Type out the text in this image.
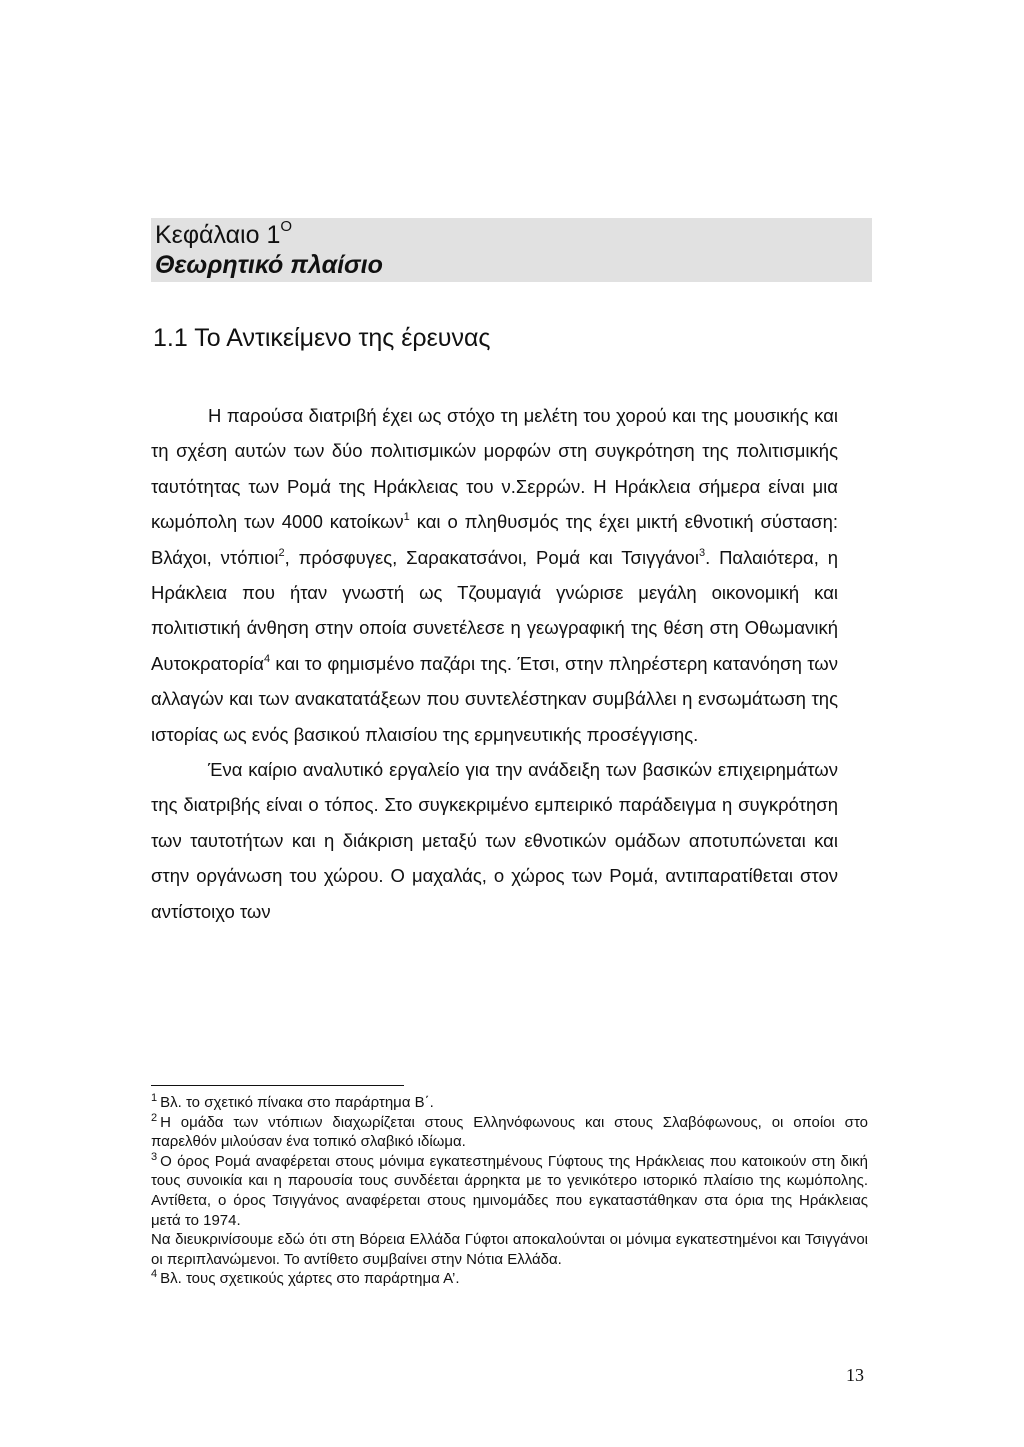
Κεφάλαιο $1^O$
Θεωρητικό πλαίσιο
1.1 Το Αντικείμενο της έρευνας

Η παρούσα διατριβή έχει ως στόχο τη μελέτη του χορού και της μουσικής και τη σχέση αυτών των δύο πολιτισμικών μορφών στη συγκρότηση της πολιτισμικής ταυτότητας των Ρομά της Ηράκλειας του ν.Σερρών. Η Ηράκλεια σήμερα είναι μια κωμόπολη των 4000 κατοίκων$^1$ και ο πληθυσμός της έχει μικτή εθνοτική σύσταση: Βλάχοι, ντόπιοι$^2$, πρόσφυγες, Σαρακατσάνοι, Ρομά και Τσιγγάνοι$^3$. Παλαιότερα, η Ηράκλεια που ήταν γνωστή ως Τζουμαγιά γνώρισε μεγάλη οικονομική και πολιτιστική άνθηση στην οποία συνετέλεσε η γεωγραφική της θέση στη Οθωμανική Αυτοκρατορία$^4$ και το φημισμένο παζάρι της. Έτσι, στην πληρέστερη κατανόηση των αλλαγών και των ανακατατάξεων που συντελέστηκαν συμβάλλει η ενσωμάτωση της ιστορίας ως ενός βασικού πλαισίου της ερμηνευτικής προσέγγισης.

Ένα καίριο αναλυτικό εργαλείο για την ανάδειξη των βασικών επιχειρημάτων της διατριβής είναι ο τόπος. Στο συγκεκριμένο εμπειρικό παράδειγμα η συγκρότηση των ταυτοτήτων και η διάκριση μεταξύ των εθνοτικών ομάδων αποτυπώνεται και στην οργάνωση του χώρου. Ο μαχαλάς, ο χώρος των Ρομά, αντιπαρατίθεται στον αντίστοιχο των

$^1$ Βλ. το σχετικό πίνακα στο παράρτημα Β΄.

$^2$ Η ομάδα των ντόπιων διαχωρίζεται στους Ελληνόφωνους και στους Σλαβόφωνους, οι οποίοι στο παρελθόν μιλούσαν ένα τοπικό σλαβικό ιδίωμα.

$^3$ Ο όρος Ρομά αναφέρεται στους μόνιμα εγκατεστημένους Γύφτους της Ηράκλειας που κατοικούν στη δική τους συνοικία και η παρουσία τους συνδέεται άρρηκτα με το γενικότερο ιστορικό πλαίσιο της κωμόπολης. Αντίθετα, ο όρος Τσιγγάνος αναφέρεται στους ημινομάδες που εγκαταστάθηκαν στα όρια της Ηράκλειας μετά το 1974.

Να διευκρινίσουμε εδώ ότι στη Βόρεια Ελλάδα Γύφτοι αποκαλούνται οι μόνιμα εγκατεστημένοι και Τσιγγάνοι οι περιπλανώμενοι. Το αντίθετο συμβαίνει στην Νότια Ελλάδα.

$^4$ Βλ. τους σχετικούς χάρτες στο παράρτημα Α’.

13
